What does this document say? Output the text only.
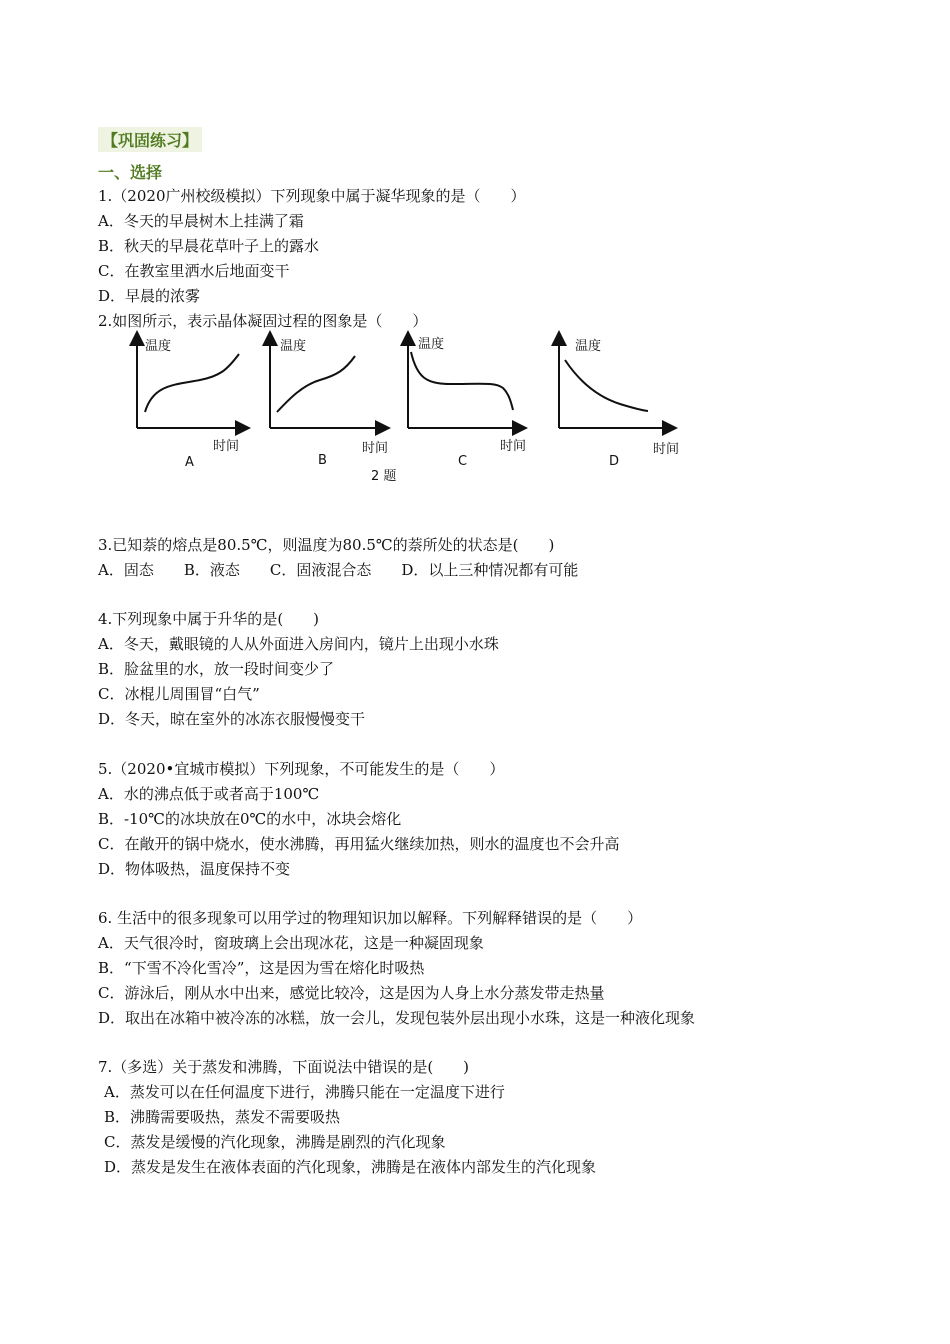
【巩固练习】
一、选择
1.（2020广州校级模拟）下列现象中属于凝华现象的是（　　）
A．冬天的早晨树木上挂满了霜
B．秋天的早晨花草叶子上的露水
C．在教室里洒水后地面变干
D．早晨的浓雾
2.如图所示，表示晶体凝固过程的图象是（　　）
温度
时间
A
温度
时间
B
温度
时间
C
温度
时间
D
2 题
3.已知萘的熔点是80.5℃，则温度为80.5℃的萘所处的状态是(　　)
A．固态　　B．液态　　C．固液混合态　　D．以上三种情况都有可能
4.下列现象中属于升华的是(　　)
A．冬天，戴眼镜的人从外面进入房间内，镜片上出现小水珠
B．脸盆里的水，放一段时间变少了
C．冰棍儿周围冒“白气”
D．冬天，晾在室外的冰冻衣服慢慢变干
5.（2020•宜城市模拟）下列现象，不可能发生的是（　　）
A．水的沸点低于或者高于100℃
B．-10℃的冰块放在0℃的水中，冰块会熔化
C．在敞开的锅中烧水，使水沸腾，再用猛火继续加热，则水的温度也不会升高
D．物体吸热，温度保持不变
6. 生活中的很多现象可以用学过的物理知识加以解释。下列解释错误的是（　　）
A．天气很冷时，窗玻璃上会出现冰花，这是一种凝固现象
B．“下雪不冷化雪冷”，这是因为雪在熔化时吸热
C．游泳后，刚从水中出来，感觉比较冷，这是因为人身上水分蒸发带走热量
D．取出在冰箱中被冷冻的冰糕，放一会儿，发现包装外层出现小水珠，这是一种液化现象
7.（多选）关于蒸发和沸腾，下面说法中错误的是(　　)
A．蒸发可以在任何温度下进行，沸腾只能在一定温度下进行
B．沸腾需要吸热，蒸发不需要吸热
C．蒸发是缓慢的汽化现象，沸腾是剧烈的汽化现象
D．蒸发是发生在液体表面的汽化现象，沸腾是在液体内部发生的汽化现象
